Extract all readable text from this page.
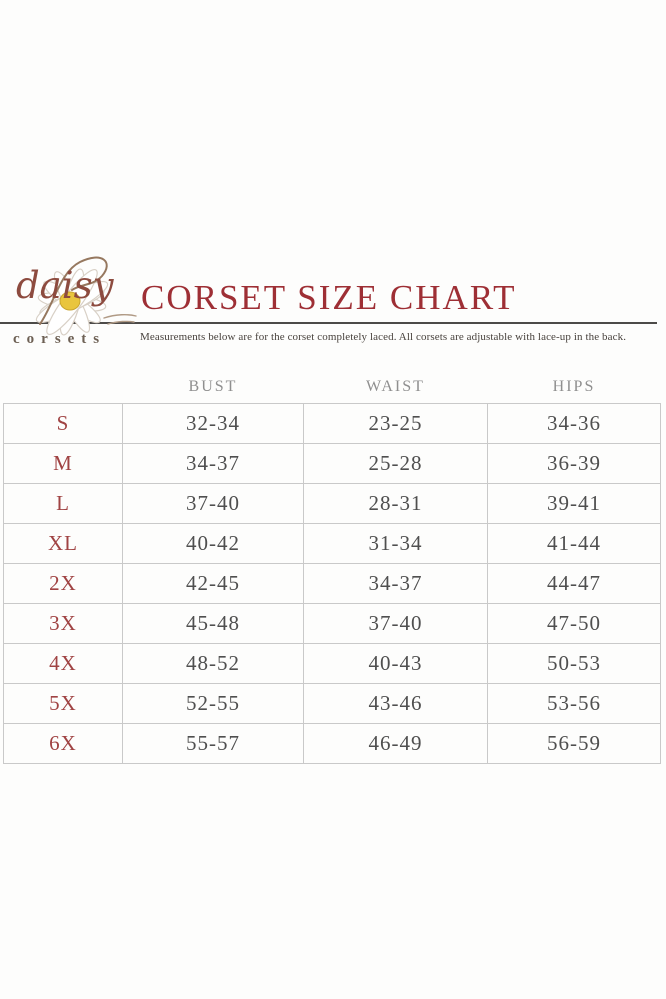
daisy
corsets
CORSET SIZE CHART
Measurements below are for the corset completely laced. All corsets are adjustable with lace-up in the back.
	BUST	WAIST	HIPS
S	32-34	23-25	34-36
M	34-37	25-28	36-39
L	37-40	28-31	39-41
XL	40-42	31-34	41-44
2X	42-45	34-37	44-47
3X	45-48	37-40	47-50
4X	48-52	40-43	50-53
5X	52-55	43-46	53-56
6X	55-57	46-49	56-59
